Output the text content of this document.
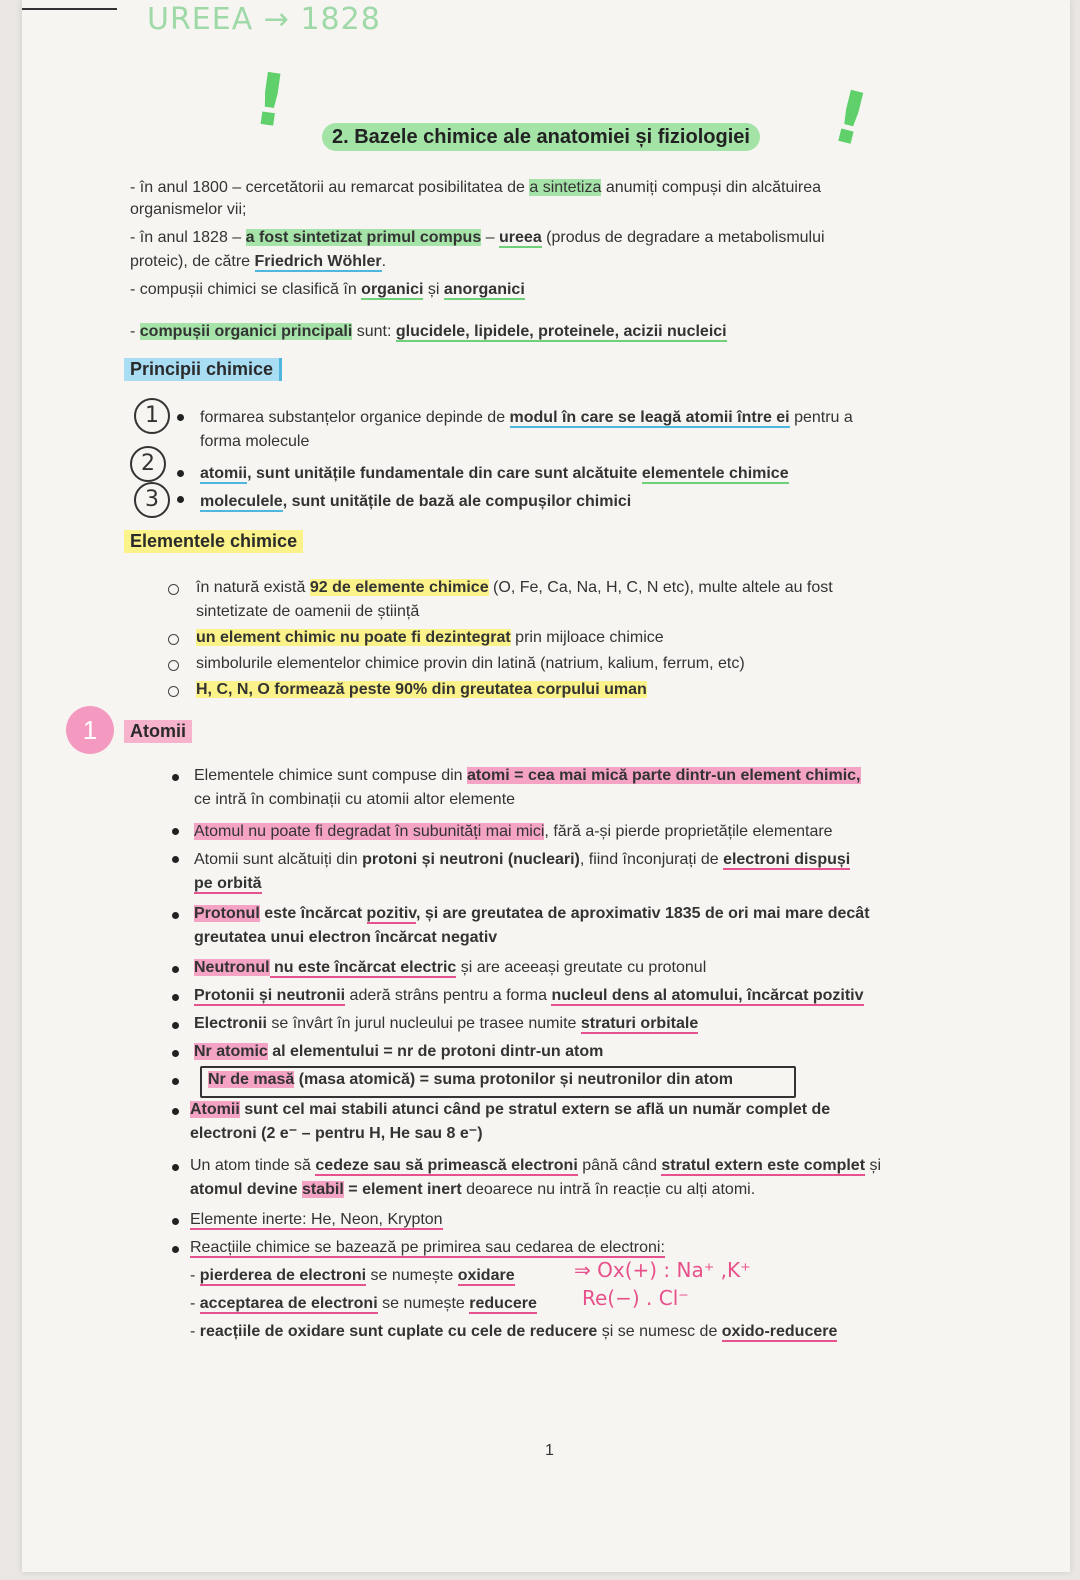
UREEA → 1828
!	!
2. Bazele chimice ale anatomiei și fiziologiei
- în anul 1800 – cercetătorii au remarcat posibilitatea de a sintetiza anumiți compuși din alcătuirea
organismelor vii;
- în anul 1828 – a fost sintetizat primul compus – ureea (produs de degradare a metabolismului
proteic), de către Friedrich Wöhler.
- compușii chimici se clasifică în organici și anorganici
- compușii organici principali sunt: glucidele, lipidele, proteinele, acizii nucleici
Principii chimice
1	formarea substanțelor organice depinde de modul în care se leagă atomii între ei pentru a
forma molecule
2	atomii, sunt unitățile fundamentale din care sunt alcătuite elementele chimice
3	moleculele, sunt unitățile de bază ale compușilor chimici
Elementele chimice
în natură există 92 de elemente chimice (O, Fe, Ca, Na, H, C, N etc), multe altele au fost
sintetizate de oamenii de știință
un element chimic nu poate fi dezintegrat prin mijloace chimice
simbolurile elementelor chimice provin din latină (natrium, kalium, ferrum, etc)
H, C, N, O formează peste 90% din greutatea corpului uman
1	Atomii
Elementele chimice sunt compuse din atomi = cea mai mică parte dintr-un element chimic,
ce intră în combinații cu atomii altor elemente
Atomul nu poate fi degradat în subunități mai mici, fără a-și pierde proprietățile elementare
Atomii sunt alcătuiți din protoni și neutroni (nucleari), fiind înconjurați de electroni dispuși
pe orbită
Protonul este încărcat pozitiv, și are greutatea de aproximativ 1835 de ori mai mare decât
greutatea unui electron încărcat negativ
Neutronul nu este încărcat electric și are aceeași greutate cu protonul
Protonii și neutronii aderă strâns pentru a forma nucleul dens al atomului, încărcat pozitiv
Electronii se învârt în jurul nucleului pe trasee numite straturi orbitale
Nr atomic al elementului = nr de protoni dintr-un atom
Nr de masă (masa atomică) = suma protonilor și neutronilor din atom
Atomii sunt cel mai stabili atunci când pe stratul extern se află un număr complet de
electroni (2 e⁻ – pentru H, He sau 8 e⁻)
Un atom tinde să cedeze sau să primească electroni până când stratul extern este complet și
atomul devine stabil = element inert deoarece nu intră în reacție cu alți atomi.
Elemente inerte: He, Neon, Krypton
Reacțiile chimice se bazează pe primirea sau cedarea de electroni:
- pierderea de electroni se numește oxidare	⇒ Ox(+) : Na⁺ ,K⁺
- acceptarea de electroni se numește reducere Re(−) . Cl⁻
- reacțiile de oxidare sunt cuplate cu cele de reducere și se numesc de oxido-reducere
1
